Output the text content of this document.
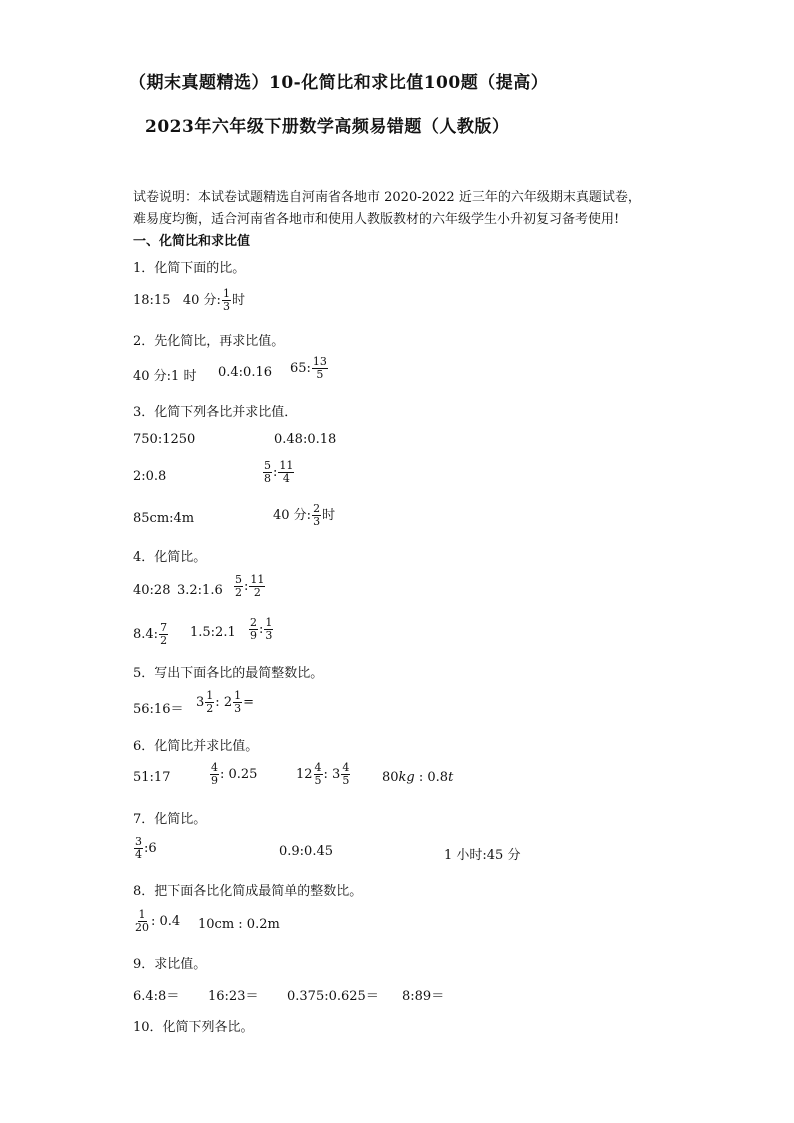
（期末真题精选）10-化简比和求比值100题（提高）
2023年六年级下册数学高频易错题（人教版）
试卷说明：本试卷试题精选自河南省各地市 2020-2022 近三年的六年级期末真题试卷，
难易度均衡，适合河南省各地市和使用人教版教材的六年级学生小升初复习备考使用!
一、化简比和求比值
1．化简下面的比。
18:15 40 分: $\frac{1}{3}$ 时
2．先化简比，再求比值。
40 分:1 时 0.4:0.16 65: $\frac{13}{5}$
3．化简下列各比并求比值．
750:1250	0.48:0.18
2:0.8	$\frac{5}{8}$ : $\frac{11}{4}$
85cm:4m	40 分: $\frac{2}{3}$ 时
4．化简比。
40:28 3.2:1.6 $\frac{5}{2}$ : $\frac{11}{2}$
8.4: $\frac{7}{2}$ 1.5:2.1 $\frac{2}{9}$ : $\frac{1}{3}$
5．写出下面各比的最简整数比。
56:16＝ $3 \frac{1}{2}$ : $2 \frac{1}{3}$ =
6．化简比并求比值。
51:17	$\frac{4}{9}$ : 0.25	$12 \frac{4}{5}$ : $3 \frac{4}{5} 80kg$ : 0.8t
7．化简比。
$\frac{3}{4}$ :6	0.9:0.45	1 小时:45 分
8．把下面各比化简成最简单的整数比。
$\frac{1}{20}$ : 0.4 10cm : 0.2m
9．求比值。
6.4:8＝ 16:23＝ 0.375:0.625＝ 8:89＝
10．化简下列各比。
